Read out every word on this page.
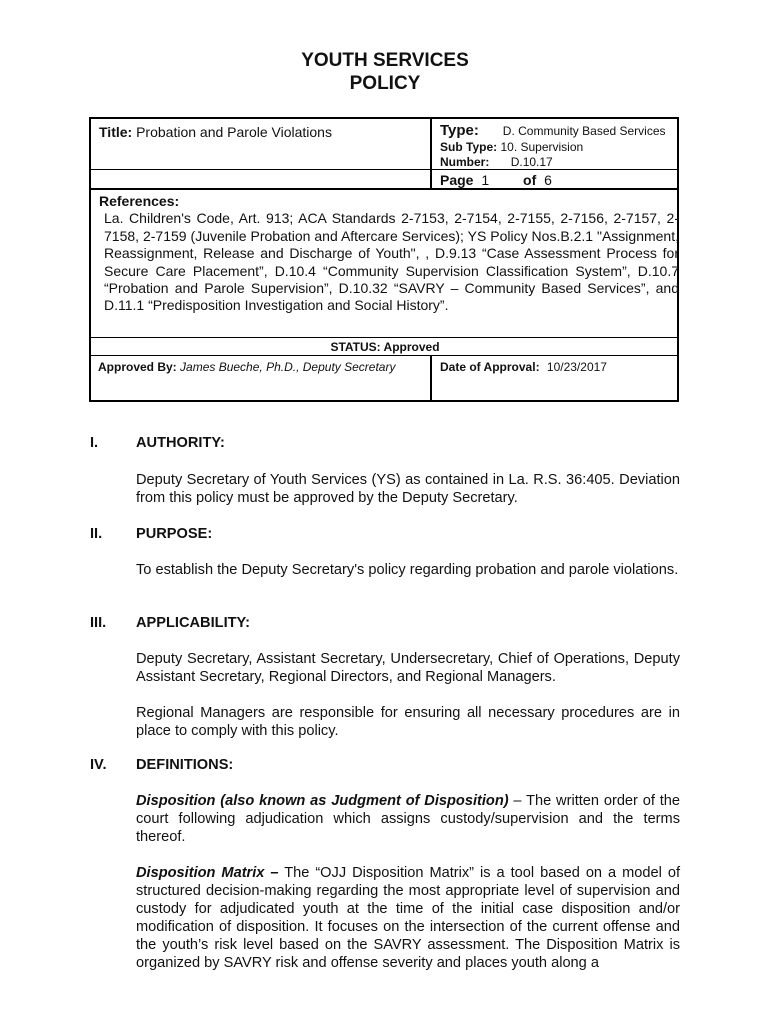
YOUTH SERVICES
POLICY
Title: Probation and Parole Violations	Type: D. Community Based Services
Sub Type: 10. Supervision
Number: D.10.17
Page 1 of 6
References:
La. Children's Code, Art. 913; ACA Standards 2-7153, 2-7154, 2-7155, 2-7156, 2-7157, 2-7158, 2-7159 (Juvenile Probation and Aftercare Services); YS Policy Nos.B.2.1 "Assignment, Reassignment, Release and Discharge of Youth", , D.9.13 “Case Assessment Process for Secure Care Placement”, D.10.4 “Community Supervision Classification System”, D.10.7 “Probation and Parole Supervision”, D.10.32 “SAVRY – Community Based Services”, and D.11.1 “Predisposition Investigation and Social History”.
STATUS: Approved
Approved By: James Bueche, Ph.D., Deputy Secretary	Date of Approval: 10/23/2017
I.	AUTHORITY:
Deputy Secretary of Youth Services (YS) as contained in La. R.S. 36:405. Deviation from this policy must be approved by the Deputy Secretary.
II. PURPOSE:
To establish the Deputy Secretary's policy regarding probation and parole violations.
III. APPLICABILITY:
Deputy Secretary, Assistant Secretary, Undersecretary, Chief of Operations, Deputy Assistant Secretary, Regional Directors, and Regional Managers.
Regional Managers are responsible for ensuring all necessary procedures are in place to comply with this policy.
IV. DEFINITIONS:
Disposition (also known as Judgment of Disposition) – The written order of the court following adjudication which assigns custody/supervision and the terms thereof.
Disposition Matrix – The “OJJ Disposition Matrix” is a tool based on a model of structured decision-making regarding the most appropriate level of supervision and custody for adjudicated youth at the time of the initial case disposition and/or modification of disposition. It focuses on the intersection of the current offense and the youth’s risk level based on the SAVRY assessment. The Disposition Matrix is organized by SAVRY risk and offense severity and places youth along a
